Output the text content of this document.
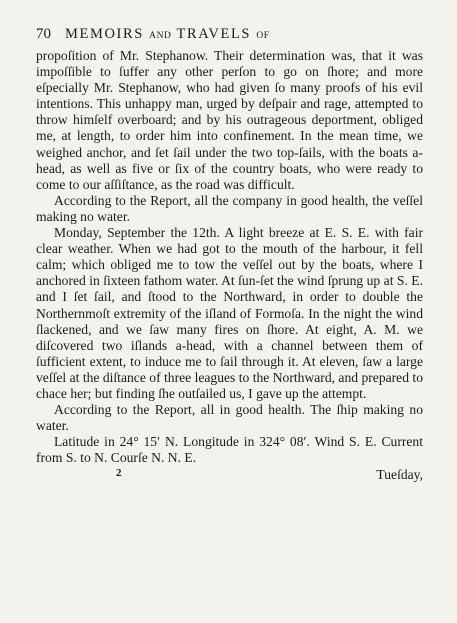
70 MEMOIRS AND TRAVELS OF

propoſition of Mr. Stephanow. Their determination was, that it was impoſſible to ſuffer any other perſon to go on ſhore; and more eſpecially Mr. Stephanow, who had given ſo many proofs of his evil intentions. This unhappy man, urged by deſpair and rage, attempted to throw himſelf overboard; and by his outrageous deportment, obliged me, at length, to order him into confinement. In the mean time, we weighed anchor, and ſet ſail under the two top-ſails, with the boats a-head, as well as five or ſix of the country boats, who were ready to come to our aſſiſtance, as the road was difficult.

According to the Report, all the company in good health, the veſſel making no water.

Monday, September the 12th. A light breeze at E. S. E. with fair clear weather. When we had got to the mouth of the harbour, it fell calm; which obliged me to tow the veſſel out by the boats, where I anchored in ſixteen fathom water. At ſun-ſet the wind ſprung up at S. E. and I ſet ſail, and ſtood to the Northward, in order to double the Northernmoſt extremity of the iſland of Formoſa. In the night the wind ſlackened, and we ſaw many fires on ſhore. At eight, A. M. we diſcovered two iſlands a-head, with a channel between them of ſufficient extent, to induce me to ſail through it. At eleven, ſaw a large veſſel at the diſtance of three leagues to the Northward, and prepared to chace her; but finding ſhe outſailed us, I gave up the attempt.

According to the Report, all in good health. The ſhip making no water.

Latitude in 24° 15′ N. Longitude in 324° 08′. Wind S. E. Current from S. to N. Courſe N. N. E.

2	Tueſday,
